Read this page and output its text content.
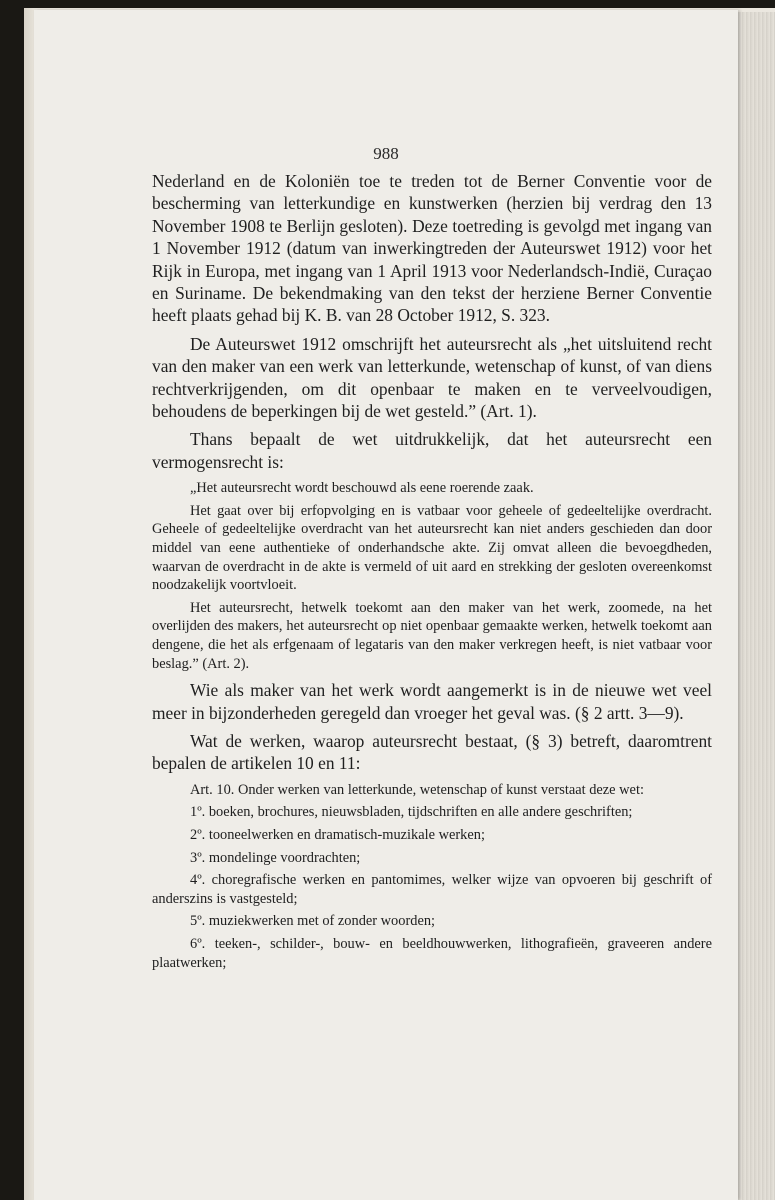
988

Nederland en de Koloniën toe te treden tot de Berner Conventie voor de bescherming van letterkundige en kunstwerken (herzien bij verdrag den 13 November 1908 te Berlijn gesloten). Deze toetreding is gevolgd met ingang van 1 November 1912 (datum van inwerkingtreden der Auteurswet 1912) voor het Rijk in Europa, met ingang van 1 April 1913 voor Nederlandsch-Indië, Curaçao en Suriname. De bekendmaking van den tekst der herziene Berner Conventie heeft plaats gehad bij K. B. van 28 October 1912, S. 323.

De Auteurswet 1912 omschrijft het auteursrecht als „het uitsluitend recht van den maker van een werk van letterkunde, wetenschap of kunst, of van diens rechtverkrijgenden, om dit openbaar te maken en te verveelvoudigen, behoudens de beperkingen bij de wet gesteld.” (Art. 1).

Thans bepaalt de wet uitdrukkelijk, dat het auteursrecht een vermogensrecht is:

„Het auteursrecht wordt beschouwd als eene roerende zaak.

Het gaat over bij erfopvolging en is vatbaar voor geheele of gedeeltelijke overdracht. Geheele of gedeeltelijke overdracht van het auteursrecht kan niet anders geschieden dan door middel van eene authentieke of onderhandsche akte. Zij omvat alleen die bevoegdheden, waarvan de overdracht in de akte is vermeld of uit aard en strekking der gesloten overeenkomst noodzakelijk voortvloeit.

Het auteursrecht, hetwelk toekomt aan den maker van het werk, zoomede, na het overlijden des makers, het auteursrecht op niet openbaar gemaakte werken, hetwelk toekomt aan dengene, die het als erfgenaam of legataris van den maker verkregen heeft, is niet vatbaar voor beslag.” (Art. 2).

Wie als maker van het werk wordt aangemerkt is in de nieuwe wet veel meer in bijzonderheden geregeld dan vroeger het geval was. (§ 2 artt. 3—9).

Wat de werken, waarop auteursrecht bestaat, (§ 3) betreft, daaromtrent bepalen de artikelen 10 en 11:

Art. 10. Onder werken van letterkunde, wetenschap of kunst verstaat deze wet:

1º. boeken, brochures, nieuwsbladen, tijdschriften en alle andere geschriften;

2º. tooneelwerken en dramatisch-muzikale werken;

3º. mondelinge voordrachten;

4º. choregrafische werken en pantomimes, welker wijze van opvoeren bij geschrift of anderszins is vastgesteld;

5º. muziekwerken met of zonder woorden;

6º. teeken-, schilder-, bouw- en beeldhouwwerken, lithografieën, graveeren andere plaatwerken;
